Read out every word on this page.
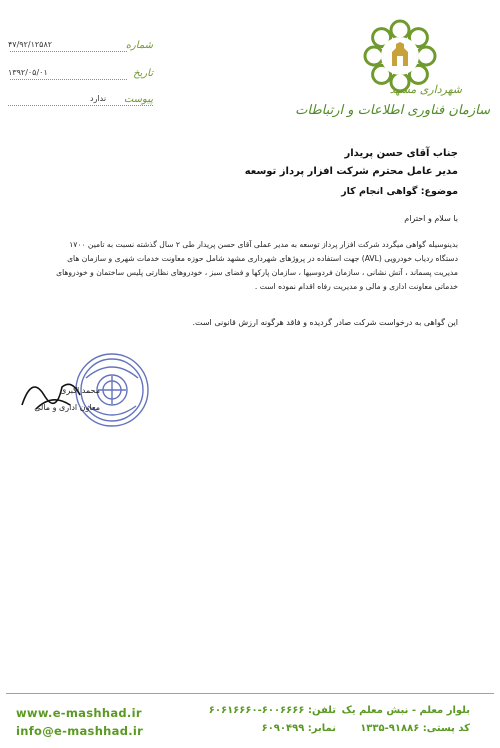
۴۷/۹۲/۱۲۵۸۲	شماره
۱۳۹۲/۰۵/۰۱	تاریخ
ندارد پیوست
شهرداری مشهد
سازمان فناوری اطلاعات و ارتباطات
جناب آقای حسن پریدار
مدیر عامل محترم شرکت افزار پرداز توسعه
موضوع: گواهی انجام کار
با سلام و احترام
بدینوسیله گواهی میگردد شرکت افزار پرداز توسعه به مدیر عملی آقای حسن پریدار طی ۲ سال گذشته نسبت به تامین ۱۷۰۰ دستگاه ردیاب خودرویی (AVL) جهت استفاده در پروژهای شهرداری مشهد شامل حوزه معاونت خدمات شهری و سازمان های مدیریت پسماند ، آتش نشانی ، سازمان فردوسیها ، سازمان پارکها و فضای سبز ، خودروهای نظارتی پلیس ساختمان و خودروهای خدماتی معاونت اداری و مالی و مدیریت رفاه اقدام نموده است .
این گواهی به درخواست شرکت صادر گردیده و فاقد هرگونه ارزش قانونی است.
محمد اکبری
معاون اداری و مالی
www.e-mashhad.ir
info@e-mashhad.ir
تلفن: ۶۰۰۶۶۶۶-۶۰۶۱۶۶۶۰
نمابر: ۶۰۹۰۴۹۹
بلوار معلم - نبش معلم یک
کد پستی: ۹۱۸۸۶-۱۳۳۵
